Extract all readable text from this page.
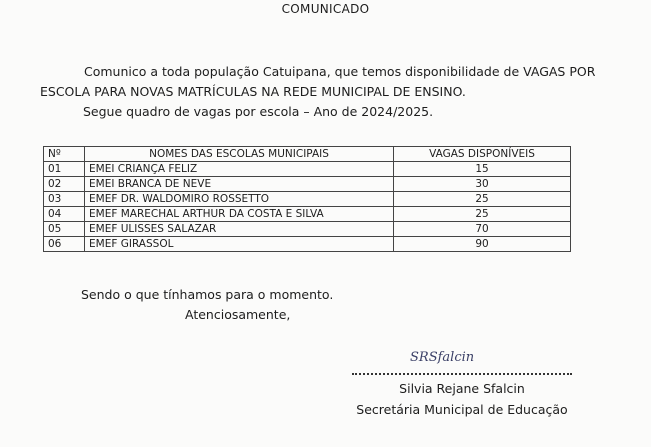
COMUNICADO
Comunico a toda população Catuipana, que temos disponibilidade de VAGAS POR ESCOLA PARA NOVAS MATRÍCULAS NA REDE MUNICIPAL DE ENSINO.
Segue quadro de vagas por escola – Ano de 2024/2025.
Nº	NOMES DAS ESCOLAS MUNICIPAIS	VAGAS DISPONÍVEIS
01	EMEI CRIANÇA FELIZ	15
02	EMEI BRANCA DE NEVE	30
03	EMEF DR. WALDOMIRO ROSSETTO	25
04	EMEF MARECHAL ARTHUR DA COSTA E SILVA	25
05	EMEF ULISSES SALAZAR	70
06	EMEF GIRASSOL	90
Sendo o que tínhamos para o momento.
Atenciosamente,
SRSfalcin
Silvia Rejane Sfalcin
Secretária Municipal de Educação
